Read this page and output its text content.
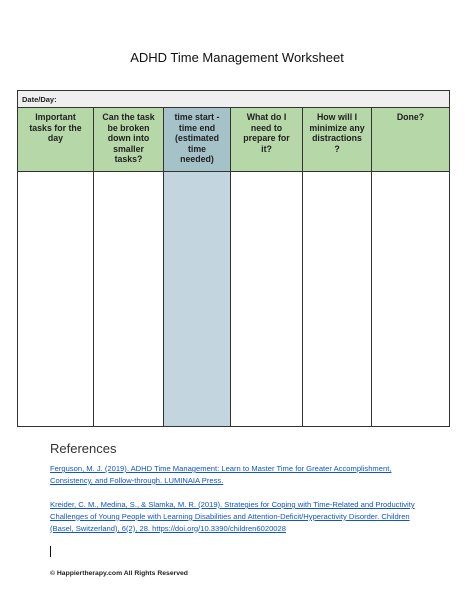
ADHD Time Management Worksheet
Date/Day:
Important tasks for the day
Can the task be broken down into smaller tasks?
time start - time end (estimated time needed)
What do I need to prepare for it?
How will I minimize any distractions ?
Done?
References
Ferguson, M. J. (2019). ADHD Time Management: Learn to Master Time for Greater Accomplishment, Consistency, and Follow-through. LUMINAIA Press.
Kreider, C. M., Medina, S., & Slamka, M. R. (2019). Strategies for Coping with Time-Related and Productivity Challenges of Young People with Learning Disabilities and Attention-Deficit/Hyperactivity Disorder. Children (Basel, Switzerland), 6(2), 28. https://doi.org/10.3390/children6020028
© Happiertherapy.com All Rights Reserved
